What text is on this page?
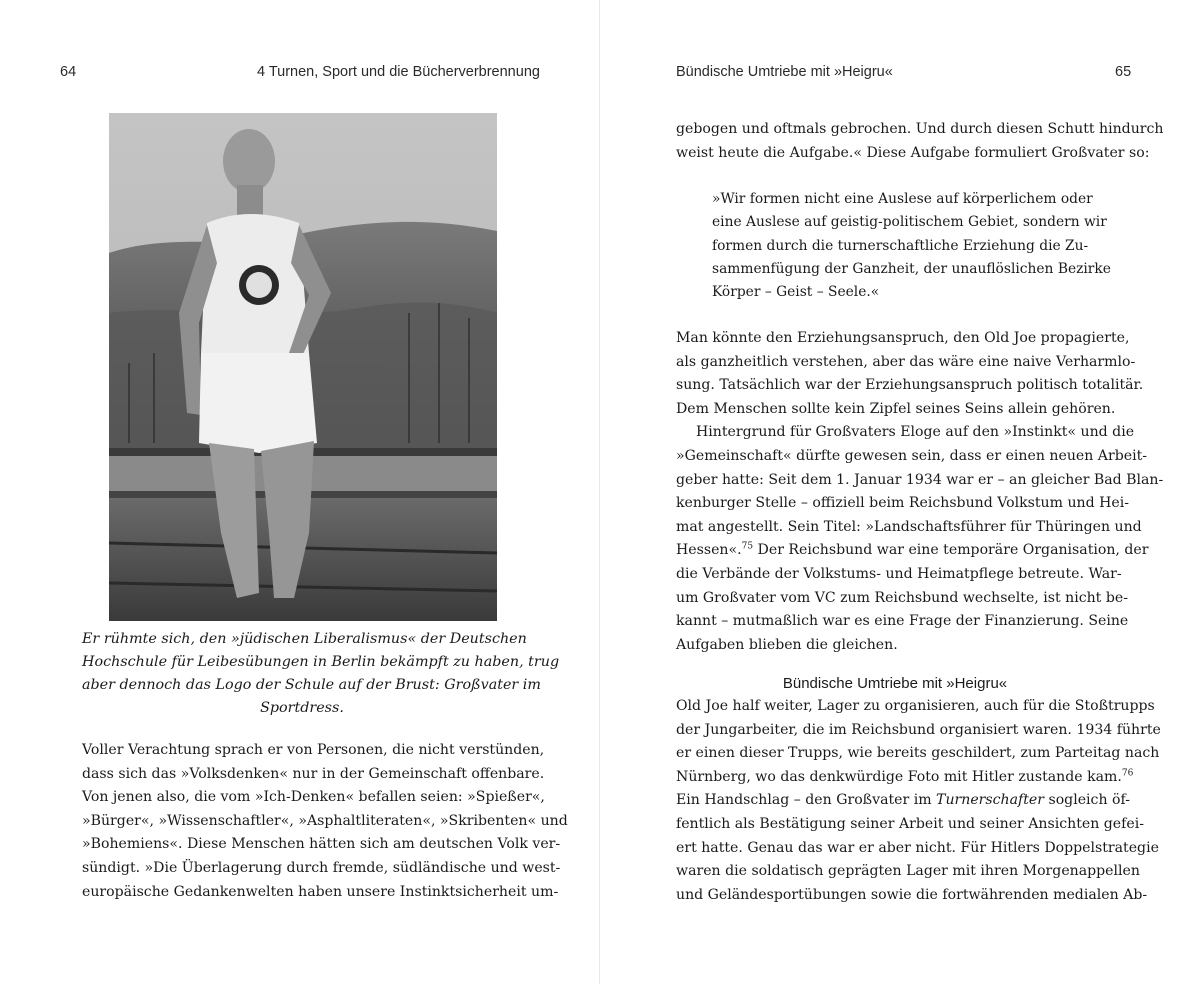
64	4 Turnen, Sport und die Bücherverbrennung
Er rühmte sich, den »jüdischen Liberalismus« der Deutschen
Hochschule für Leibesübungen in Berlin bekämpft zu haben, trug
aber dennoch das Logo der Schule auf der Brust: Großvater im
Sportdress.
Voller Verachtung sprach er von Personen, die nicht verstünden,
dass sich das »Volksdenken« nur in der Gemeinschaft offenbare.
Von jenen also, die vom »Ich-Denken« befallen seien: »Spießer«,
»Bürger«, »Wissenschaftler«, »Asphaltliteraten«, »Skribenten« und
»Bohemiens«. Diese Menschen hätten sich am deutschen Volk ver-
sündigt. »Die Überlagerung durch fremde, südländische und west-
europäische Gedankenwelten haben unsere Instinktsicherheit um-
Bündische Umtriebe mit »Heigru«	65
gebogen und oftmals gebrochen. Und durch diesen Schutt hindurch
weist heute die Aufgabe.« Diese Aufgabe formuliert Großvater so:
»Wir formen nicht eine Auslese auf körperlichem oder
eine Auslese auf geistig-politischem Gebiet, sondern wir
formen durch die turnerschaftliche Erziehung die Zu-
sammenfügung der Ganzheit, der unauflöslichen Bezirke
Körper – Geist – Seele.«
Man könnte den Erziehungsanspruch, den Old Joe propagierte,
als ganzheitlich verstehen, aber das wäre eine naive Verharmlo-
sung. Tatsächlich war der Erziehungsanspruch politisch totalitär.
Dem Menschen sollte kein Zipfel seines Seins allein gehören.
Hintergrund für Großvaters Eloge auf den »Instinkt« und die
»Gemeinschaft« dürfte gewesen sein, dass er einen neuen Arbeit-
geber hatte: Seit dem 1. Januar 1934 war er – an gleicher Bad Blan-
kenburger Stelle – offiziell beim Reichsbund Volkstum und Hei-
mat angestellt. Sein Titel: »Landschaftsführer für Thüringen und
Hessen«.$^{75}$ Der Reichsbund war eine temporäre Organisation, der
die Verbände der Volkstums- und Heimatpflege betreute. War-
um Großvater vom VC zum Reichsbund wechselte, ist nicht be-
kannt – mutmaßlich war es eine Frage der Finanzierung. Seine
Aufgaben blieben die gleichen.
Bündische Umtriebe mit »Heigru«
Old Joe half weiter, Lager zu organisieren, auch für die Stoßtrupps
der Jungarbeiter, die im Reichsbund organisiert waren. 1934 führte
er einen dieser Trupps, wie bereits geschildert, zum Parteitag nach
Nürnberg, wo das denkwürdige Foto mit Hitler zustande kam.$^{76}$
Ein Handschlag – den Großvater im Turnerschafter sogleich öf-
fentlich als Bestätigung seiner Arbeit und seiner Ansichten gefei-
ert hatte. Genau das war er aber nicht. Für Hitlers Doppelstrategie
waren die soldatisch geprägten Lager mit ihren Morgenappellen
und Geländesportübungen sowie die fortwährenden medialen Ab-
